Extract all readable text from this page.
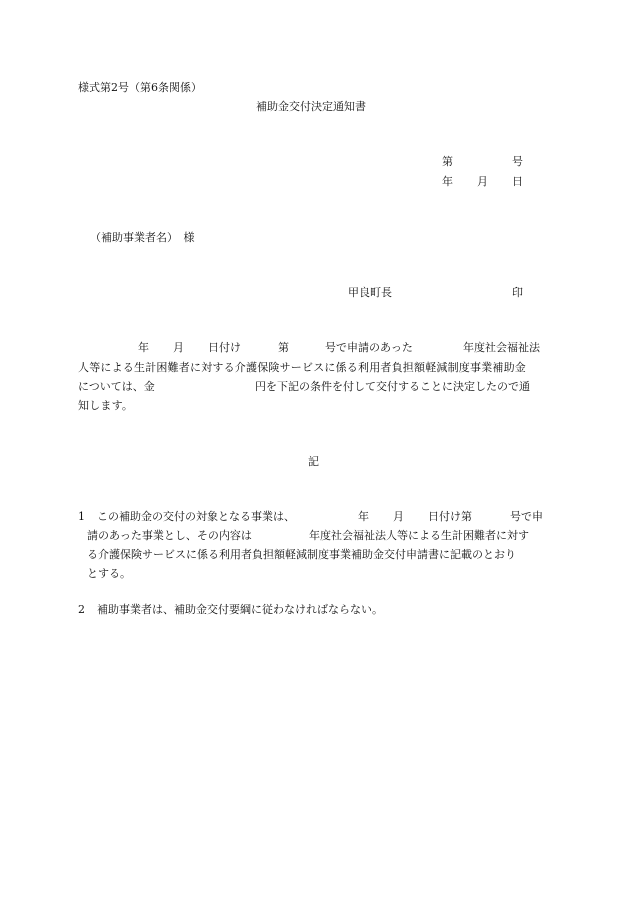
様式第2号（第6条関係）
補助金交付決定通知書
第	号
年 月 日
（補助事業者名）　様
甲良町長	印
年 月 日付け	第	号で申請のあった	年度社会福祉法
人等による生計困難者に対する介護保険サービスに係る利用者負担額軽減制度事業補助金
については、金	円を下記の条件を付して交付することに決定したので通
知します。
記
1 この補助金の交付の対象となる事業は、	年 月 日付け第	号で申
請のあった事業とし、その内容は	年度社会福祉法人等による生計困難者に対す
る介護保険サービスに係る利用者負担額軽減制度事業補助金交付申請書に記載のとおり
とする。
2 補助事業者は、補助金交付要綱に従わなければならない。
